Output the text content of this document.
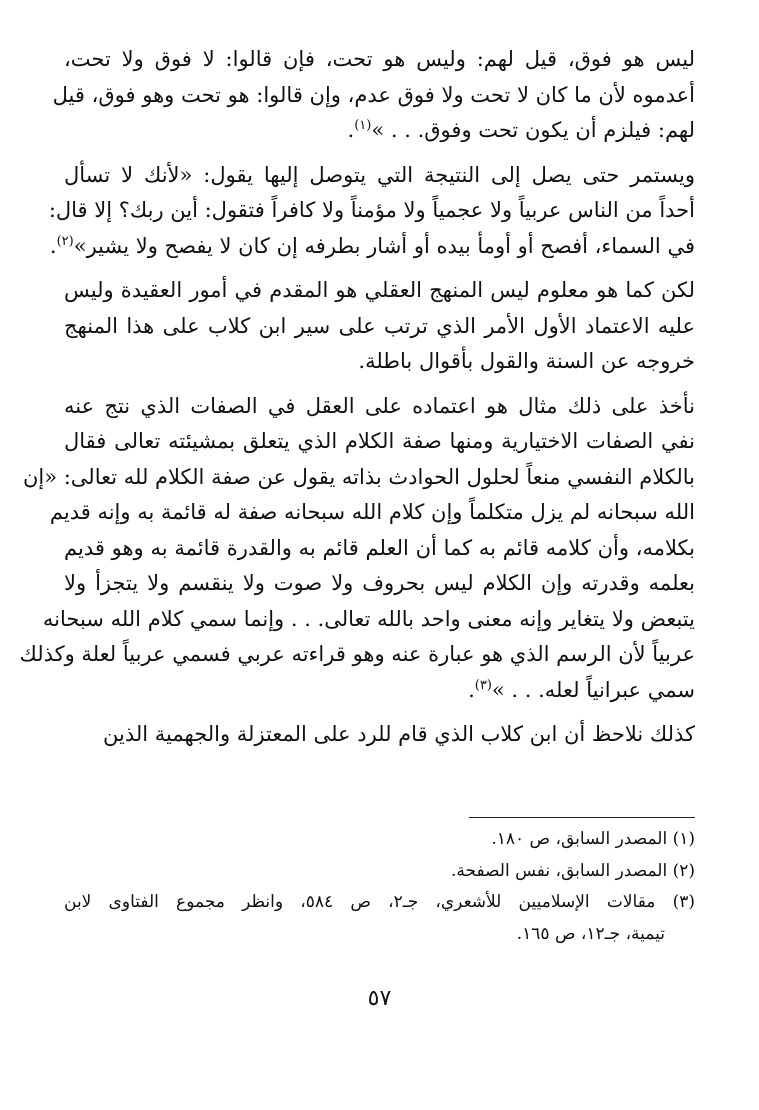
ليس هو فوق، قيل لهم: وليس هو تحت، فإن قالوا: لا فوق ولا تحت،
أعدموه لأن ما كان لا تحت ولا فوق عدم، وإن قالوا: هو تحت وهو فوق، قيل
لهم: فيلزم أن يكون تحت وفوق. . . »$^{(١)}$.

ويستمر حتى يصل إلى النتيجة التي يتوصل إليها يقول: «لأنك لا تسأل
أحداً من الناس عربياً ولا عجمياً ولا مؤمناً ولا كافراً فتقول: أين ربك؟ إلا قال:
في السماء، أفصح أو أومأ بيده أو أشار بطرفه إن كان لا يفصح ولا يشير»$^{(٢)}$.

لكن كما هو معلوم ليس المنهج العقلي هو المقدم في أمور العقيدة وليس
عليه الاعتماد الأول الأمر الذي ترتب على سير ابن كلاب على هذا المنهج
خروجه عن السنة والقول بأقوال باطلة.

نأخذ على ذلك مثال هو اعتماده على العقل في الصفات الذي نتج عنه
نفي الصفات الاختيارية ومنها صفة الكلام الذي يتعلق بمشيئته تعالى فقال
بالكلام النفسي منعاً لحلول الحوادث بذاته يقول عن صفة الكلام لله تعالى: «إن
الله سبحانه لم يزل متكلماً وإن كلام الله سبحانه صفة له قائمة به وإنه قديم
بكلامه، وأن كلامه قائم به كما أن العلم قائم به والقدرة قائمة به وهو قديم
بعلمه وقدرته وإن الكلام ليس بحروف ولا صوت ولا ينقسم ولا يتجزأ ولا
يتبعض ولا يتغاير وإنه معنى واحد بالله تعالى. . . وإنما سمي كلام الله سبحانه
عربياً لأن الرسم الذي هو عبارة عنه وهو قراءته عربي فسمي عربياً لعلة وكذلك
سمي عبرانياً لعله. . . »$^{(٣)}$.

كذلك نلاحظ أن ابن كلاب الذي قام للرد على المعتزلة والجهمية الذين

(١) المصدر السابق، ص ١٨٠.
(٢) المصدر السابق، نفس الصفحة.
(٣) مقالات الإسلاميين للأشعري، جـ٢، ص ٥٨٤، وانظر مجموع الفتاوى لابن
تيمية، جـ١٢، ص ١٦٥.
٥٧
